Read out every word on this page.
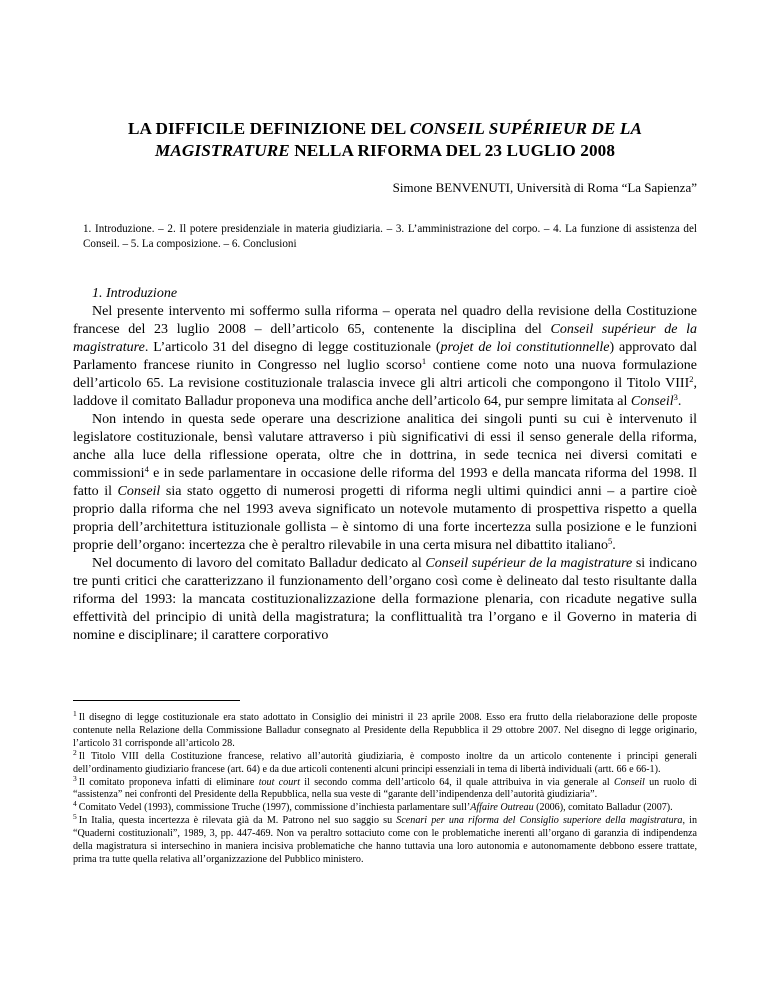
LA DIFFICILE DEFINIZIONE DEL CONSEIL SUPÉRIEUR DE LA MAGISTRATURE NELLA RIFORMA DEL 23 LUGLIO 2008
Simone BENVENUTI, Università di Roma “La Sapienza”
1. Introduzione. – 2. Il potere presidenziale in materia giudiziaria. – 3. L’amministrazione del corpo. – 4. La funzione di assistenza del Conseil. – 5. La composizione. – 6. Conclusioni

1. Introduzione

Nel presente intervento mi soffermo sulla riforma – operata nel quadro della revisione della Costituzione francese del 23 luglio 2008 – dell’articolo 65, contenente la disciplina del Conseil supérieur de la magistrature. L’articolo 31 del disegno di legge costituzionale (projet de loi constitutionnelle) approvato dal Parlamento francese riunito in Congresso nel luglio scorso$^1$ contiene come noto una nuova formulazione dell’articolo 65. La revisione costituzionale tralascia invece gli altri articoli che compongono il Titolo VIII$^2$, laddove il comitato Balladur proponeva una modifica anche dell’articolo 64, pur sempre limitata al Conseil$^3$.

Non intendo in questa sede operare una descrizione analitica dei singoli punti su cui è intervenuto il legislatore costituzionale, bensì valutare attraverso i più significativi di essi il senso generale della riforma, anche alla luce della riflessione operata, oltre che in dottrina, in sede tecnica nei diversi comitati e commissioni$^4$ e in sede parlamentare in occasione delle riforma del 1993 e della mancata riforma del 1998. Il fatto il Conseil sia stato oggetto di numerosi progetti di riforma negli ultimi quindici anni – a partire cioè proprio dalla riforma che nel 1993 aveva significato un notevole mutamento di prospettiva rispetto a quella propria dell’architettura istituzionale gollista – è sintomo di una forte incertezza sulla posizione e le funzioni proprie dell’organo: incertezza che è peraltro rilevabile in una certa misura nel dibattito italiano$^5$.

Nel documento di lavoro del comitato Balladur dedicato al Conseil supérieur de la magistrature si indicano tre punti critici che caratterizzano il funzionamento dell’organo così come è delineato dal testo risultante dalla riforma del 1993: la mancata costituzionalizzazione della formazione plenaria, con ricadute negative sulla effettività del principio di unità della magistratura; la conflittualità tra l’organo e il Governo in materia di nomine e disciplinare; il carattere corporativo

$^1$ Il disegno di legge costituzionale era stato adottato in Consiglio dei ministri il 23 aprile 2008. Esso era frutto della rielaborazione delle proposte contenute nella Relazione della Commissione Balladur consegnato al Presidente della Repubblica il 29 ottobre 2007. Nel disegno di legge originario, l’articolo 31 corrisponde all’articolo 28.

$^2$ Il Titolo VIII della Costituzione francese, relativo all’autorità giudiziaria, è composto inoltre da un articolo contenente i principi generali dell’ordinamento giudiziario francese (art. 64) e da due articoli contenenti alcuni principi essenziali in tema di libertà individuali (artt. 66 e 66-1).

$^3$ Il comitato proponeva infatti di eliminare tout court il secondo comma dell’articolo 64, il quale attribuiva in via generale al Conseil un ruolo di “assistenza” nei confronti del Presidente della Repubblica, nella sua veste di “garante dell’indipendenza dell’autorità giudiziaria”.

$^4$ Comitato Vedel (1993), commissione Truche (1997), commissione d’inchiesta parlamentare sull’Affaire Outreau (2006), comitato Balladur (2007).

$^5$ In Italia, questa incertezza è rilevata già da M. Patrono nel suo saggio su Scenari per una riforma del Consiglio superiore della magistratura, in “Quaderni costituzionali”, 1989, 3, pp. 447-469. Non va peraltro sottaciuto come con le problematiche inerenti all’organo di garanzia di indipendenza della magistratura si intersechino in maniera incisiva problematiche che hanno tuttavia una loro autonomia e autonomamente debbono essere trattate, prima tra tutte quella relativa all’organizzazione del Pubblico ministero.
